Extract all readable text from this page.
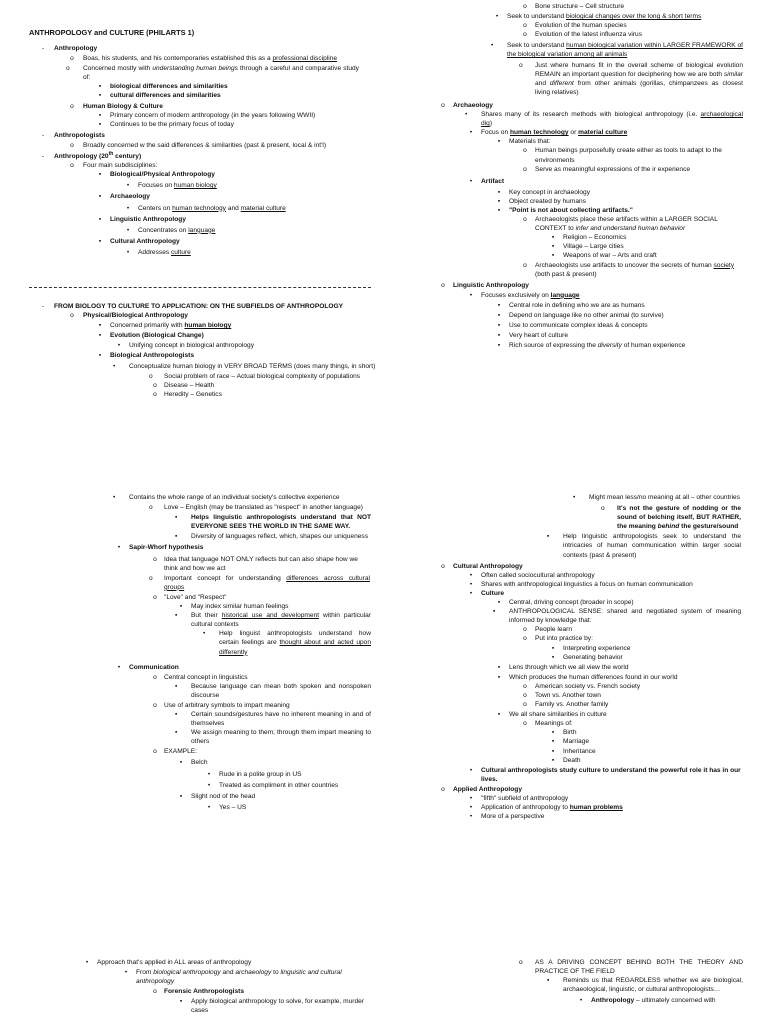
ANTHROPOLOGY and CULTURE (PHILARTS 1)
-	Anthropology
o	Boas, his students, and his contemporaries established this as a professional discipline
o	Concerned mostly with understanding human beings through a careful and comparative study of:
▪	biological differences and similarities
▪	cultural differences and similarities
o	Human Biology & Culture
▪	Primary concern of modern anthropology (in the years following WWII)
▪	Continues to be the primary focus of today
-	Anthropologists
o	Broadly concerned w the said differences & similarities (past & present, local & int'l)
-	Anthropology (20th century)
o	Four main subdisciplines:
▪	Biological/Physical Anthropology
•	Focuses on human biology
▪	Archaeology
•	Centers on human technology and material culture
▪	Linguistic Anthropology
•	Concentrates on language
▪	Cultural Anthropology
•	Addresses culture
-	FROM BIOLOGY TO CULTURE TO APPLICATION: ON THE SUBFIELDS OF ANTHROPOLOGY
o	Physical/Biological Anthropology
▪	Concerned primarily with human biology
▪	Evolution (Biological Change)
•	Unifying concept in biological anthropology
▪	Biological Anthropologists
•	Conceptualize human biology in VERY BROAD TERMS (does many things, in short)
o	Social problem of race – Actual biological complexity of populations
o	Disease – Health
o	Heredity – Genetics
o	Bone structure – Cell structure
•	Seek to understand biological changes over the long & short terms
o	Evolution of the human species
o	Evolution of the latest influenza virus
•	Seek to understand human biological variation within LARGER FRAMEWORK of the biological variation among all animals
o	Just where humans fit in the overall scheme of biological evolution REMAIN an important question for deciphering how we are both similar and different from other animals (gorillas, chimpanzees as closest living relatives)
o	Archaeology
•	Shares many of its research methods with biological anthropology (i.e. archaeological dig)
•	Focus on human technology or material culture
▪	Materials that:
o	Human beings purposefully create either as tools to adapt to the environments
o	Serve as meaningful expressions of the ir experience
•	Artifact
▪	Key concept in archaeology
▪	Object created by humans
▪	"Point is not about collecting artifacts."
o	Archaeologists place these artifacts within a LARGER SOCIAL CONTEXT to infer and understand human behavior
▪	Religion – Economics
▪	Village – Large cities
▪	Weapons of war – Arts and craft
o	Archaeologists use artifacts to uncover the secrets of human society (both past & present)
o	Linguistic Anthropology
•	Focuses exclusively on language
▪	Central role in defining who we are as humans
▪	Depend on language like no other animal (to survive)
▪	Use to communicate complex ideas & concepts
▪	Very heart of culture
▪	Rich source of expressing the diversity of human experience
•	Contains the whole range of an individual society's collective experience
o	Love – English (may be translated as "respect" in another language)
▪	Helps linguistic anthropologists understand that NOT EVERYONE SEES THE WORLD IN THE SAME WAY.
▪	Diversity of languages reflect, which, shapes our uniqueness
•	Sapir-Whorf hypothesis
o	Idea that language NOT ONLY reflects but can also shape how we think and how we act
o	Important concept for understanding differences across cultural groups
o	"Love" and "Respect"
▪	May index similar human feelings
▪	But their historical use and development within particular cultural contexts
•	Help linguist anthropologists understand how certain feelings are thought about and acted upon differently
•	Communication
o	Central concept in linguistics
▪	Because language can mean both spoken and nonspoken discourse
o	Use of arbitrary symbols to impart meaning
▪	Certain sounds/gestures have no inherent meaning in and of themselves
▪	We assign meaning to them; through them impart meaning to others
o	EXAMPLE:
▪	Belch
•	Rude in a polite group in US
•	Treated as compliment in other countries
▪	Slight nod of the head
•	Yes – US
•	Might mean less/no meaning at all – other countries
o	It's not the gesture of nodding or the sound of belching itself, BUT RATHER, the meaning behind the gesture/sound
▪	Help linguistic anthropologists seek to understand the intricacies of human communication within larger social contexts (past & present)
o	Cultural Anthropology
•	Often called sociocultural anthropology
•	Shares with anthropological linguistics a focus on human communication
•	Culture
▪	Central, driving concept (broader in scope)
▪	ANTHROPOLOGICAL SENSE: shared and negotiated system of meaning informed by knowledge that:
o	People learn
o	Put into practice by:
▪	Interpreting experience
▪	Generating behavior
▪	Lens through which we all view the world
▪	Which produces the human differences found in our world
o	American society vs. French society
o	Town vs. Another town
o	Family vs. Another family
▪	We all share similarities in culture
o	Meanings of:
▪	Birth
▪	Marriage
▪	Inheritance
▪	Death
•	Cultural anthropologists study culture to understand the powerful role it has in our lives.
o	Applied Anthropology
•	"fifth" subfield of anthropology
•	Application of anthropology to human problems
•	More of a perspective
•	Approach that's applied in ALL areas of anthropology
•	From biological anthropology and archaeology to linguistic and cultural anthropology
o	Forensic Anthropologists
▪	Apply biological anthropology to solve, for example, murder cases
o	AS A DRIVING CONCEPT BEHIND BOTH THE THEORY AND PRACTICE OF THE FIELD
▪	Reminds us that REGARDLESS whether we are biological, archaeological, linguistic, or cultural anthropologists…
•	Anthropology – ultimately concerned with
